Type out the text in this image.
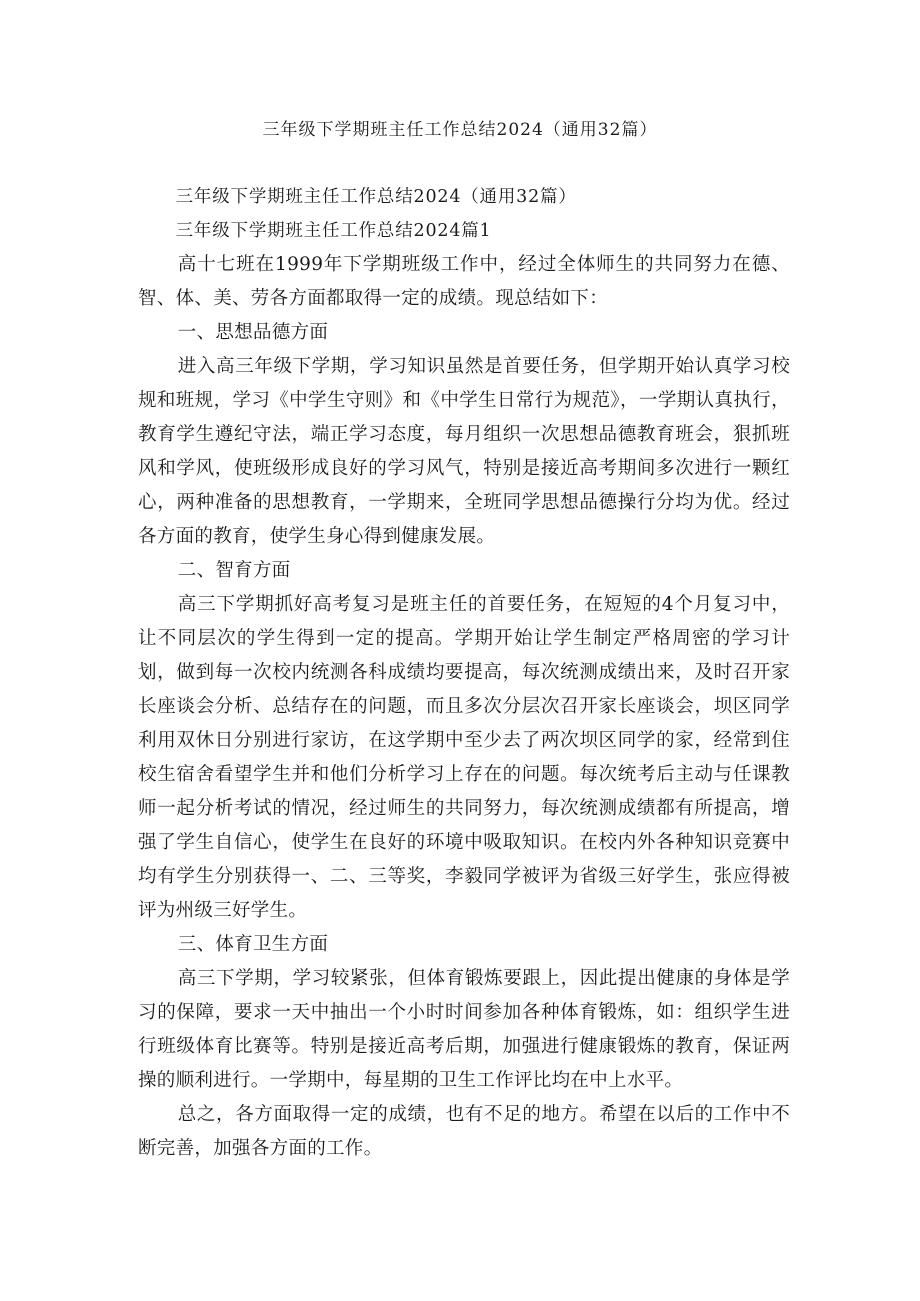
三年级下学期班主任工作总结2024（通用32篇）

三年级下学期班主任工作总结2024（通用32篇）

三年级下学期班主任工作总结2024篇1

高十七班在1999年下学期班级工作中，经过全体师生的共同努力在德、智、体、美、劳各方面都取得一定的成绩。现总结如下：

一、思想品德方面

进入高三年级下学期，学习知识虽然是首要任务，但学期开始认真学习校规和班规，学习《中学生守则》和《中学生日常行为规范》，一学期认真执行，教育学生遵纪守法，端正学习态度，每月组织一次思想品德教育班会，狠抓班风和学风，使班级形成良好的学习风气，特别是接近高考期间多次进行一颗红心，两种准备的思想教育，一学期来，全班同学思想品德操行分均为优。经过各方面的教育，使学生身心得到健康发展。

二、智育方面

高三下学期抓好高考复习是班主任的首要任务，在短短的4个月复习中，让不同层次的学生得到一定的提高。学期开始让学生制定严格周密的学习计划，做到每一次校内统测各科成绩均要提高，每次统测成绩出来，及时召开家长座谈会分析、总结存在的问题，而且多次分层次召开家长座谈会，坝区同学利用双休日分别进行家访，在这学期中至少去了两次坝区同学的家，经常到住校生宿舍看望学生并和他们分析学习上存在的问题。每次统考后主动与任课教师一起分析考试的情况，经过师生的共同努力，每次统测成绩都有所提高，增强了学生自信心，使学生在良好的环境中吸取知识。在校内外各种知识竞赛中均有学生分别获得一、二、三等奖，李毅同学被评为省级三好学生，张应得被评为州级三好学生。

三、体育卫生方面

高三下学期，学习较紧张，但体育锻炼要跟上，因此提出健康的身体是学习的保障，要求一天中抽出一个小时时间参加各种体育锻炼，如：组织学生进行班级体育比赛等。特别是接近高考后期，加强进行健康锻炼的教育，保证两操的顺利进行。一学期中，每星期的卫生工作评比均在中上水平。

总之，各方面取得一定的成绩，也有不足的地方。希望在以后的工作中不断完善，加强各方面的工作。
